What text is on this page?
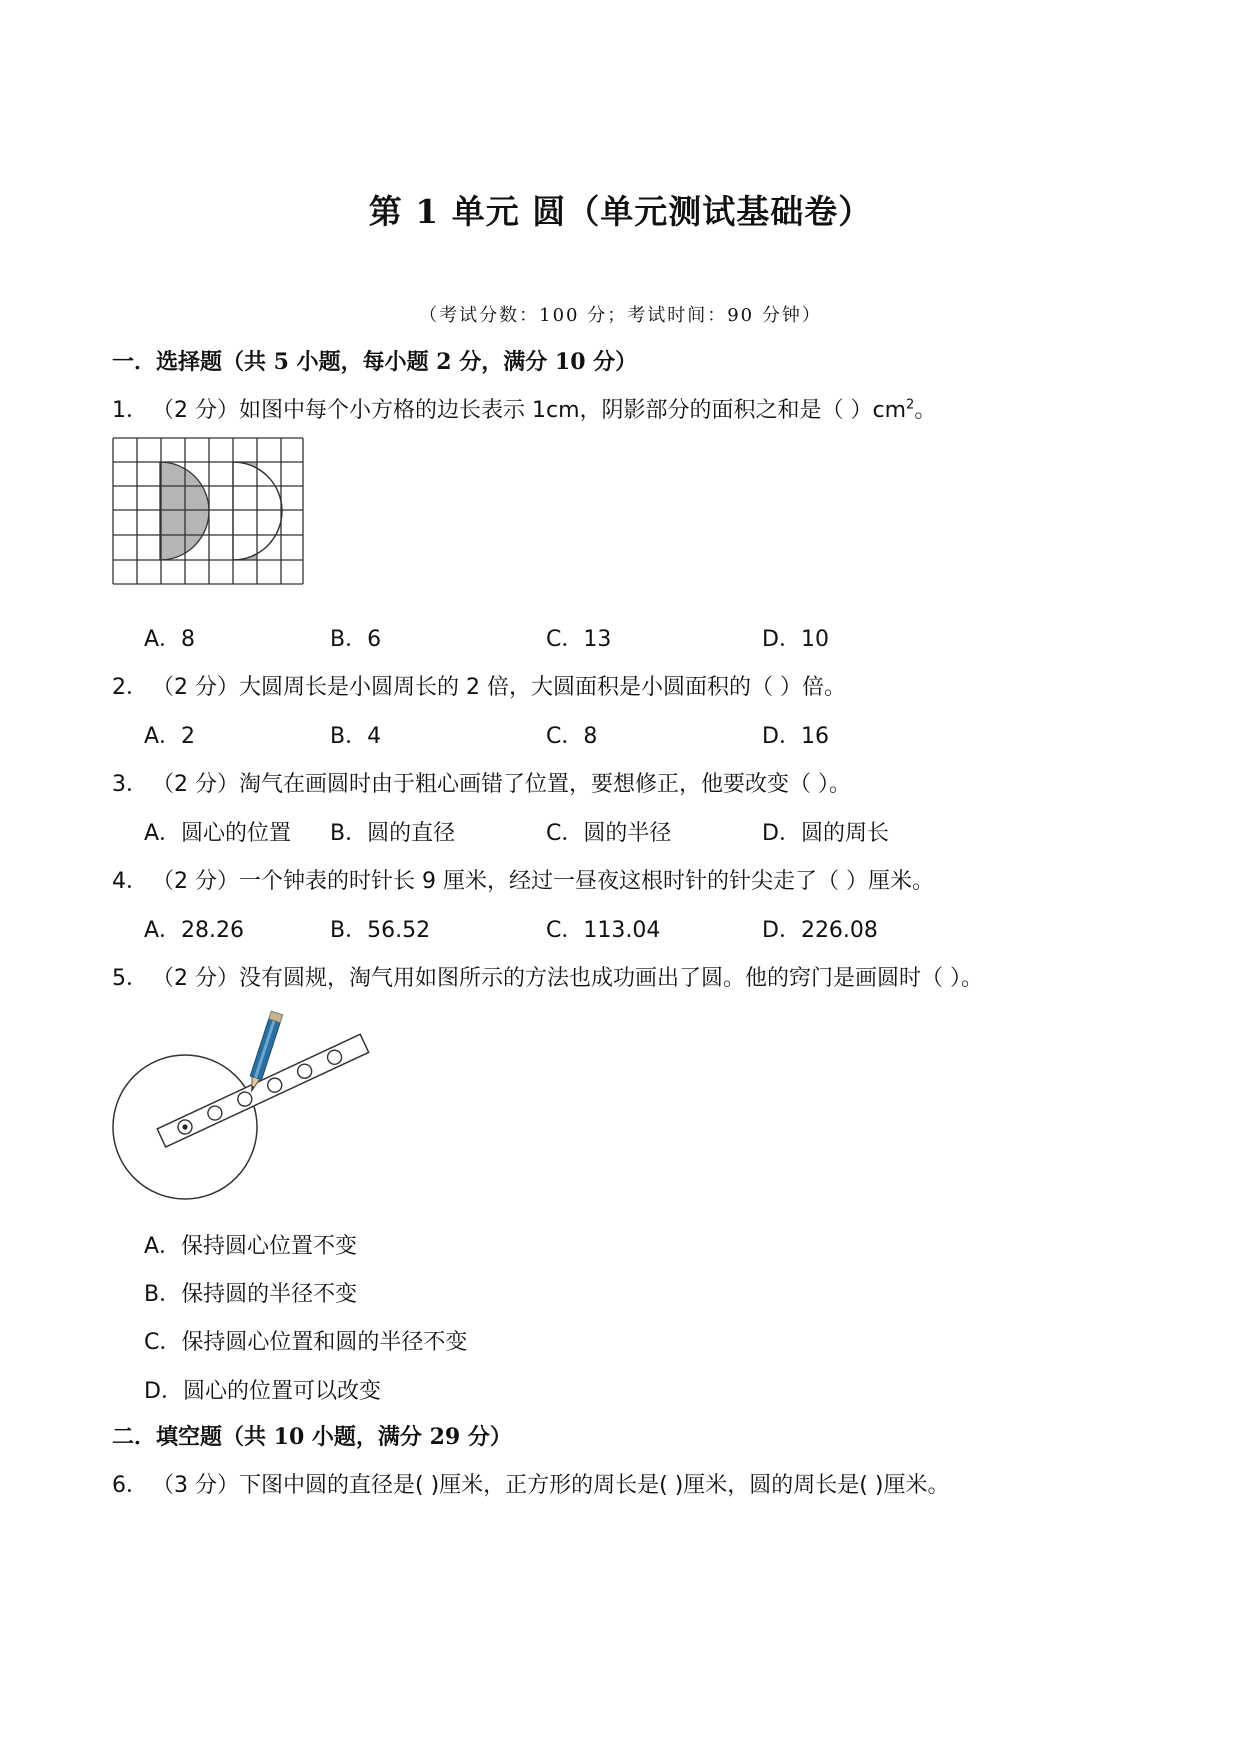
第 1 单元 圆（单元测试基础卷）
（考试分数：100 分；考试时间：90 分钟）
一．选择题（共 5 小题，每小题 2 分，满分 10 分）
1． （2 分）如图中每个小方格的边长表示 1cm，阴影部分的面积之和是（ ）$cm^2$。
A．8	B．6	C．13	D．10
2． （2 分）大圆周长是小圆周长的 2 倍，大圆面积是小圆面积的（ ）倍。
A．2	B．4	C．8	D．16
3． （2 分）淘气在画圆时由于粗心画错了位置，要想修正，他要改变（ ）。
A．圆心的位置 B．圆的直径	C．圆的半径	D．圆的周长
4． （2 分）一个钟表的时针长 9 厘米，经过一昼夜这根时针的针尖走了（ ）厘米。
A．28.26	B．56.52	C．113.04	D．226.08
5． （2 分）没有圆规，淘气用如图所示的方法也成功画出了圆。他的窍门是画圆时（ ）。
A．保持圆心位置不变
B．保持圆的半径不变
C．保持圆心位置和圆的半径不变
D．圆心的位置可以改变
二．填空题（共 10 小题，满分 29 分）
6． （3 分）下图中圆的直径是( )厘米，正方形的周长是( )厘米，圆的周长是( )厘米。
